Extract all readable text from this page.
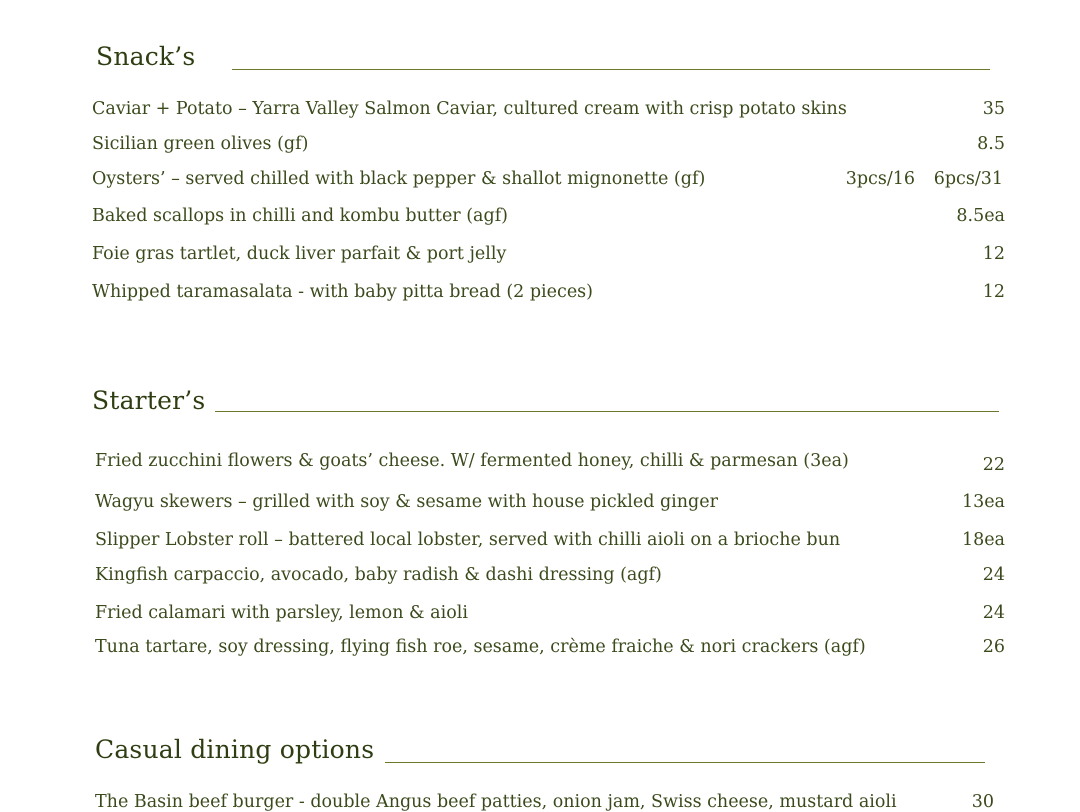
Snack’s
Caviar + Potato – Yarra Valley Salmon Caviar, cultured cream with crisp potato skins	35
Sicilian green olives (gf)	8.5
Oysters’ – served chilled with black pepper & shallot mignonette (gf)	3pcs/16 6pcs/31
Baked scallops in chilli and kombu butter (agf)	8.5ea
Foie gras tartlet, duck liver parfait & port jelly	12
Whipped taramasalata - with baby pitta bread (2 pieces)	12
Starter’s
Fried zucchini flowers & goats’ cheese. W/ fermented honey, chilli & parmesan (3ea)	22
Wagyu skewers – grilled with soy & sesame with house pickled ginger	13ea
Slipper Lobster roll – battered local lobster, served with chilli aioli on a brioche bun	18ea
Kingfish carpaccio, avocado, baby radish & dashi dressing (agf)	24
Fried calamari with parsley, lemon & aioli	24
Tuna tartare, soy dressing, flying fish roe, sesame, crème fraiche & nori crackers (agf)	26
Casual dining options
The Basin beef burger - double Angus beef patties, onion jam, Swiss cheese, mustard aioli	30
